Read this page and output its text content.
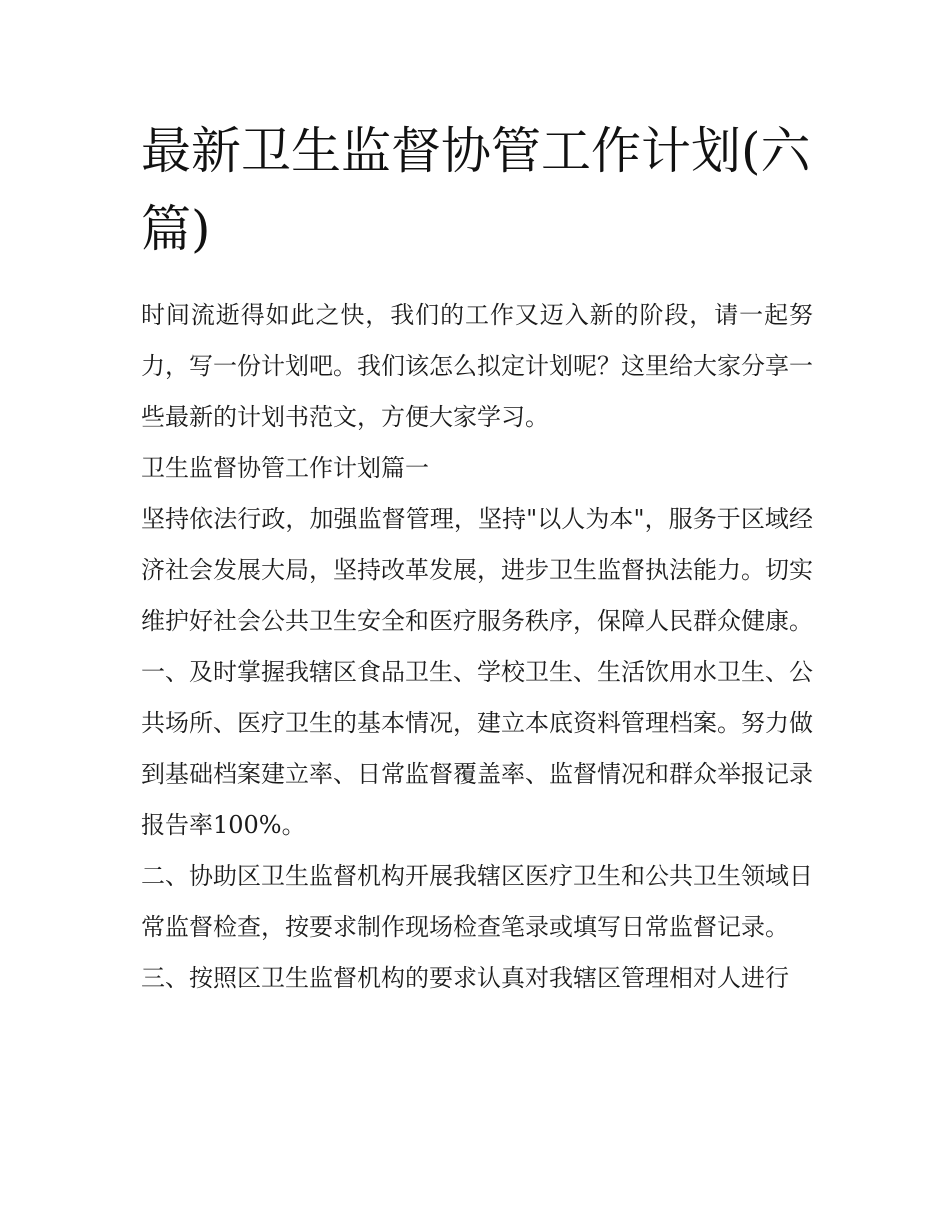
最新卫生监督协管工作计划(六篇)

时间流逝得如此之快，我们的工作又迈入新的阶段，请一起努力，写一份计划吧。我们该怎么拟定计划呢？这里给大家分享一些最新的计划书范文，方便大家学习。

卫生监督协管工作计划篇一

坚持依法行政，加强监督管理，坚持"以人为本"，服务于区域经济社会发展大局，坚持改革发展，进步卫生监督执法能力。切实维护好社会公共卫生安全和医疗服务秩序，保障人民群众健康。

一、及时掌握我辖区食品卫生、学校卫生、生活饮用水卫生、公共场所、医疗卫生的基本情况，建立本底资料管理档案。努力做到基础档案建立率、日常监督覆盖率、监督情况和群众举报记录报告率100%。

二、协助区卫生监督机构开展我辖区医疗卫生和公共卫生领域日常监督检查，按要求制作现场检查笔录或填写日常监督记录。

三、按照区卫生监督机构的要求认真对我辖区管理相对人进行
